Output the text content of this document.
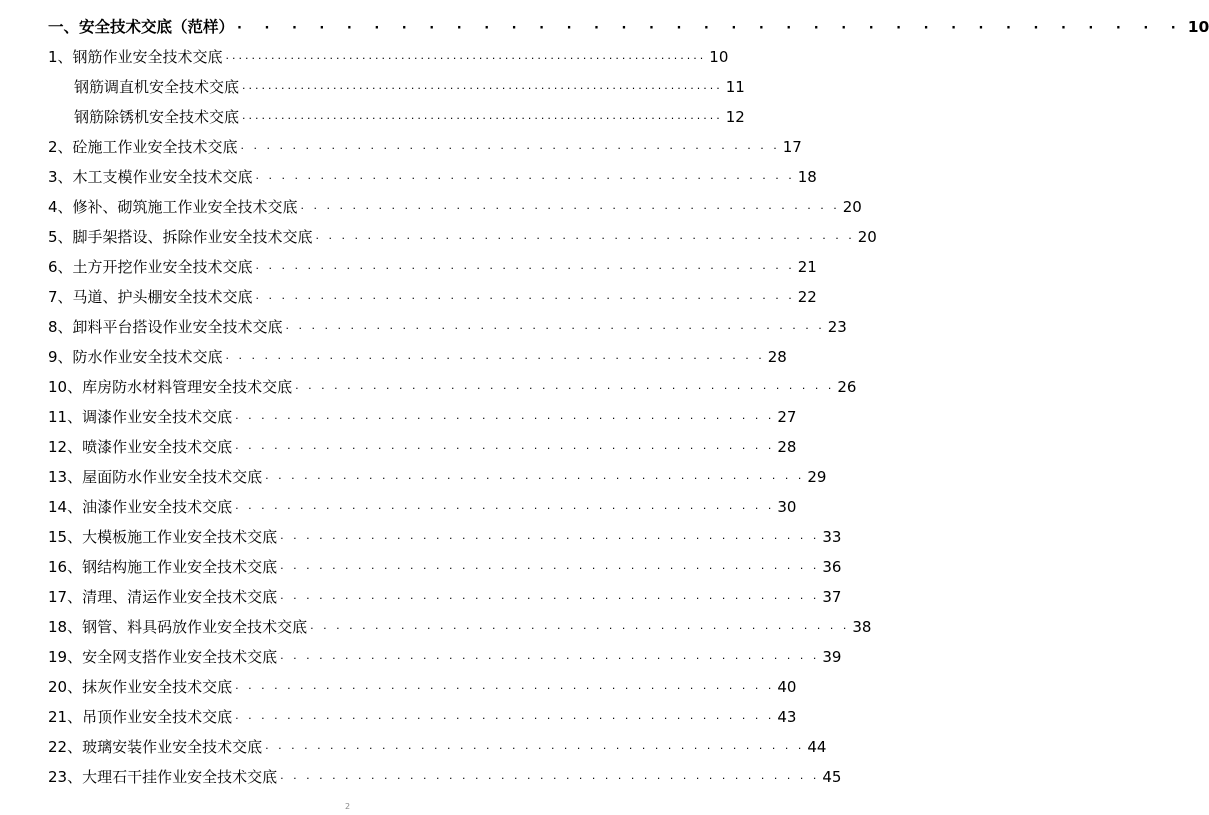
一、安全技术交底（范样） · · · · · · · · · · · · · · · · · · · · · · · · · · · · · · · · · · · 10
1、钢筋作业安全技术交底 ·········································································· 10
钢筋调直机安全技术交底 ·········································································· 11
钢筋除锈机安全技术交底 ·········································································· 12
2、砼施工作业安全技术交底 · · · · · · · · · · · · · · · · · · · · · · · · · · · · · · · · · · · · · · · · · · 17
3、木工支模作业安全技术交底 · · · · · · · · · · · · · · · · · · · · · · · · · · · · · · · · · · · · · · · · · · 18
4、修补、砌筑施工作业安全技术交底 · · · · · · · · · · · · · · · · · · · · · · · · · · · · · · · · · · · · · · · · · · 20
5、脚手架搭设、拆除作业安全技术交底 · · · · · · · · · · · · · · · · · · · · · · · · · · · · · · · · · · · · · · · · · · 20
6、土方开挖作业安全技术交底 · · · · · · · · · · · · · · · · · · · · · · · · · · · · · · · · · · · · · · · · · · 21
7、马道、护头棚安全技术交底 · · · · · · · · · · · · · · · · · · · · · · · · · · · · · · · · · · · · · · · · · · 22
8、卸料平台搭设作业安全技术交底 · · · · · · · · · · · · · · · · · · · · · · · · · · · · · · · · · · · · · · · · · · 23
9、防水作业安全技术交底 · · · · · · · · · · · · · · · · · · · · · · · · · · · · · · · · · · · · · · · · · · 28
10、库房防水材料管理安全技术交底 · · · · · · · · · · · · · · · · · · · · · · · · · · · · · · · · · · · · · · · · · · 26
11、调漆作业安全技术交底 · · · · · · · · · · · · · · · · · · · · · · · · · · · · · · · · · · · · · · · · · · 27
12、喷漆作业安全技术交底 · · · · · · · · · · · · · · · · · · · · · · · · · · · · · · · · · · · · · · · · · · 28
13、屋面防水作业安全技术交底 · · · · · · · · · · · · · · · · · · · · · · · · · · · · · · · · · · · · · · · · · · 29
14、油漆作业安全技术交底 · · · · · · · · · · · · · · · · · · · · · · · · · · · · · · · · · · · · · · · · · · 30
15、大模板施工作业安全技术交底 · · · · · · · · · · · · · · · · · · · · · · · · · · · · · · · · · · · · · · · · · · 33
16、钢结构施工作业安全技术交底 · · · · · · · · · · · · · · · · · · · · · · · · · · · · · · · · · · · · · · · · · · 36
17、清理、清运作业安全技术交底 · · · · · · · · · · · · · · · · · · · · · · · · · · · · · · · · · · · · · · · · · · 37
18、钢管、料具码放作业安全技术交底 · · · · · · · · · · · · · · · · · · · · · · · · · · · · · · · · · · · · · · · · · · 38
19、安全网支搭作业安全技术交底 · · · · · · · · · · · · · · · · · · · · · · · · · · · · · · · · · · · · · · · · · · 39
20、抹灰作业安全技术交底 · · · · · · · · · · · · · · · · · · · · · · · · · · · · · · · · · · · · · · · · · · 40
21、吊顶作业安全技术交底 · · · · · · · · · · · · · · · · · · · · · · · · · · · · · · · · · · · · · · · · · · 43
22、玻璃安装作业安全技术交底 · · · · · · · · · · · · · · · · · · · · · · · · · · · · · · · · · · · · · · · · · · 44
23、大理石干挂作业安全技术交底 · · · · · · · · · · · · · · · · · · · · · · · · · · · · · · · · · · · · · · · · · · 45
2
